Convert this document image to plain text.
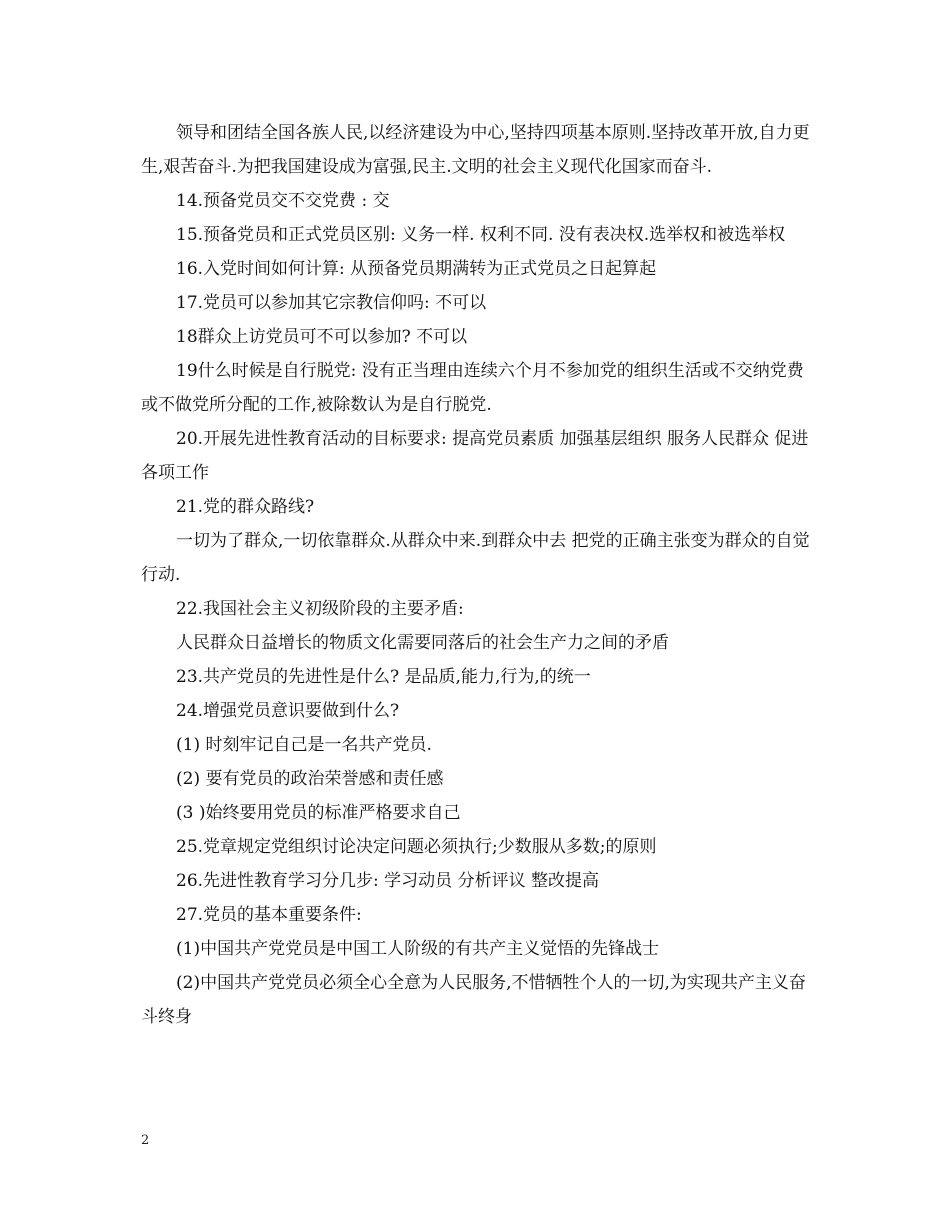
领导和团结全国各族人民,以经济建设为中心,坚持四项基本原则.坚持改革开放,自力更生,艰苦奋斗.为把我国建设成为富强,民主.文明的社会主义现代化国家而奋斗.

14.预备党员交不交党费 : 交

15.预备党员和正式党员区别: 义务一样. 权利不同. 没有表决权.选举权和被选举权

16.入党时间如何计算: 从预备党员期满转为正式党员之日起算起

17.党员可以参加其它宗教信仰吗: 不可以

18群众上访党员可不可以参加? 不可以

19什么时候是自行脱党: 没有正当理由连续六个月不参加党的组织生活或不交纳党费或不做党所分配的工作,被除数认为是自行脱党.

20.开展先进性教育活动的目标要求: 提高党员素质 加强基层组织 服务人民群众 促进各项工作

21.党的群众路线?

一切为了群众,一切依靠群众.从群众中来.到群众中去 把党的正确主张变为群众的自觉行动.

22.我国社会主义初级阶段的主要矛盾:

人民群众日益增长的物质文化需要同落后的社会生产力之间的矛盾

23.共产党员的先进性是什么? 是品质,能力,行为,的统一

24.增强党员意识要做到什么?

(1) 时刻牢记自己是一名共产党员.

(2) 要有党员的政治荣誉感和责任感

(3 )始终要用党员的标准严格要求自己

25.党章规定党组织讨论决定问题必须执行;少数服从多数;的原则

26.先进性教育学习分几步: 学习动员 分析评议 整改提高

27.党员的基本重要条件:

(1)中国共产党党员是中国工人阶级的有共产主义觉悟的先锋战士

(2)中国共产党党员必须全心全意为人民服务,不惜牺牲个人的一切,为实现共产主义奋斗终身

2
